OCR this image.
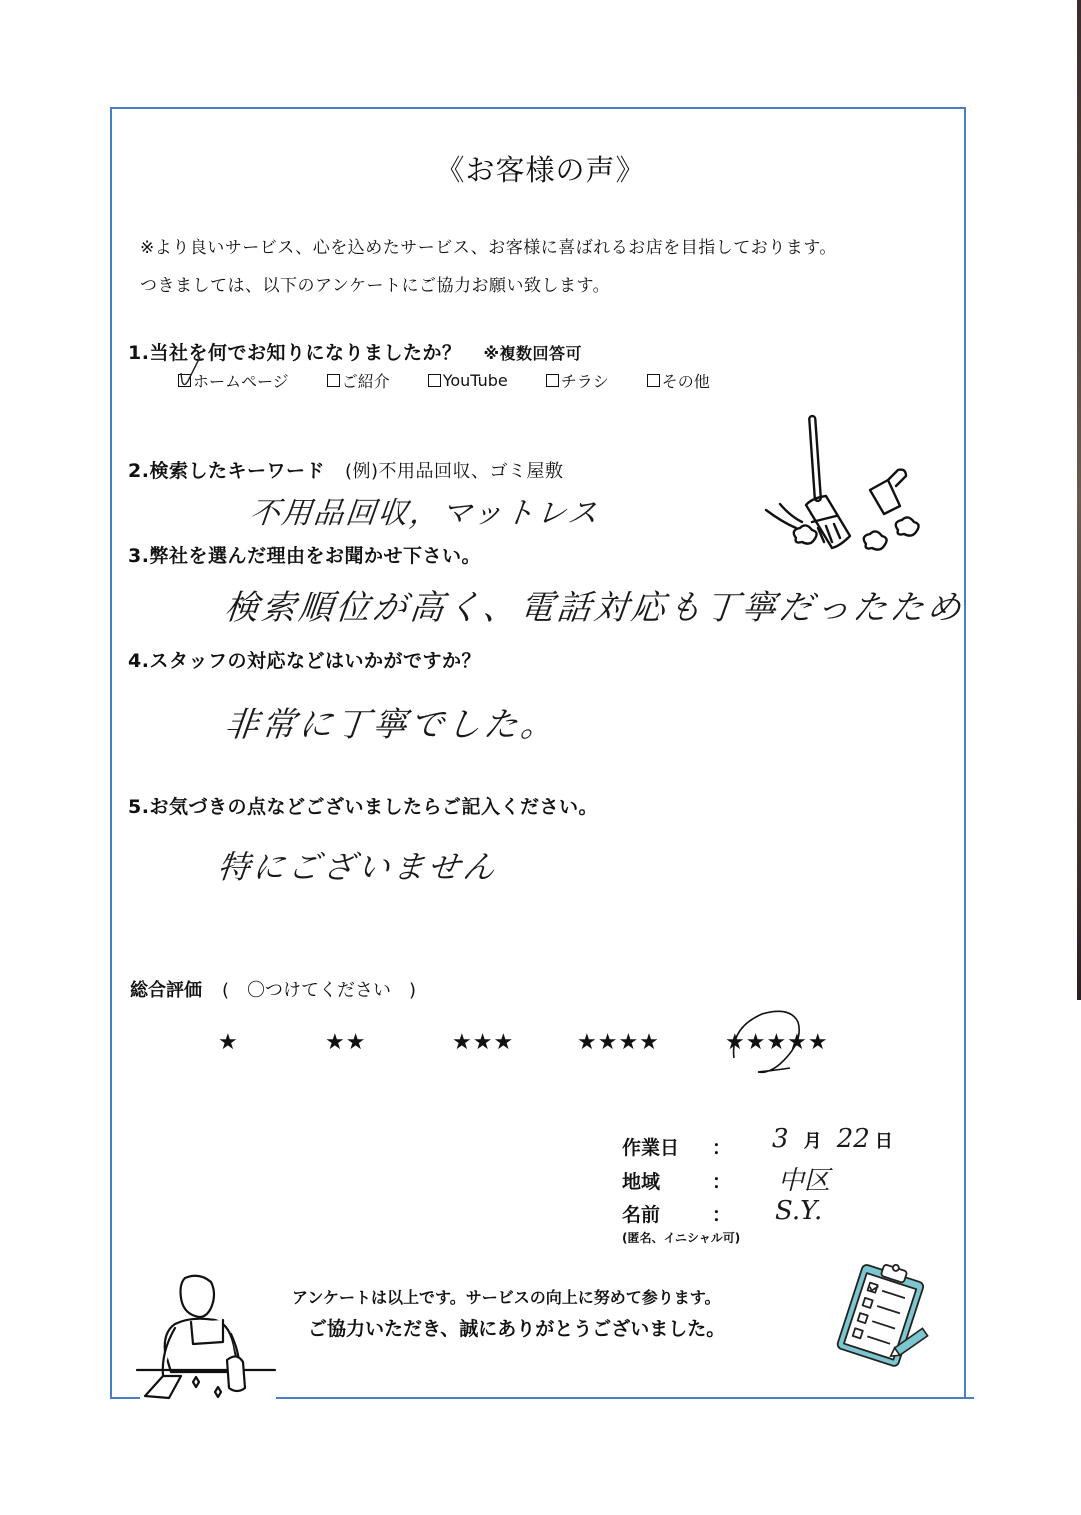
《お客様の声》
※より良いサービス、心を込めたサービス、お客様に喜ばれるお店を目指しております。
つきましては、以下のアンケートにご協力お願い致します。
1.当社を何でお知りになりましたか？ ※複数回答可
ホームページ	ご紹介	YouTube	チラシ	その他
2.検索したキーワード (例)不用品回収、ゴミ屋敷
不用品回収，マットレス
3.弊社を選んだ理由をお聞かせ下さい。
検索順位が高く、電話対応も丁寧だったため
4.スタッフの対応などはいかがですか？
非常に丁寧でした。
5.お気づきの点などございましたらご記入ください。
特にございません
総合評価 (　〇つけてください　)
★	★★	★★★	★★★★	★★★★★
作業日 ： 3 月 22 日
地域	： 中区
名前	： S.Y.
(匿名、イニシャル可)
アンケートは以上です。サービスの向上に努めて参ります。
ご協力いただき、誠にありがとうございました。
